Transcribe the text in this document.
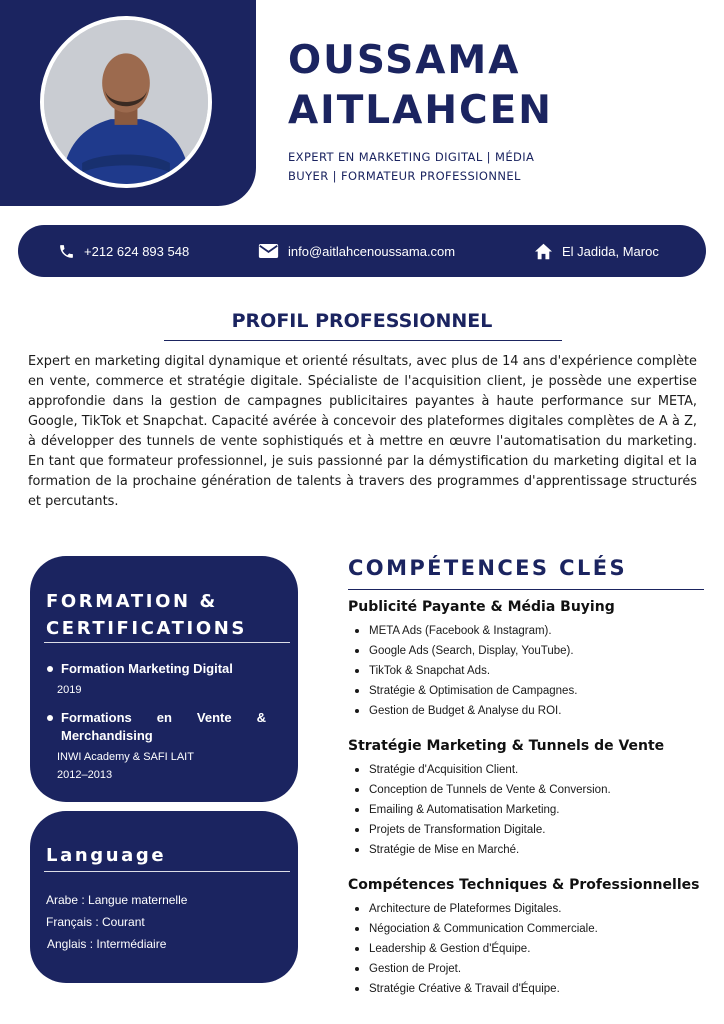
OUSSAMA
AITLAHCEN
EXPERT EN MARKETING DIGITAL | MÉDIA
BUYER | FORMATEUR PROFESSIONNEL
+212 624 893 548	info@aitlahcenoussama.com	El Jadida, Maroc
PROFIL PROFESSIONNEL
Expert en marketing digital dynamique et orienté résultats, avec plus de 14 ans d'expérience complète en vente, commerce et stratégie digitale. Spécialiste de l'acquisition client, je possède une expertise approfondie dans la gestion de campagnes publicitaires payantes à haute performance sur META, Google, TikTok et Snapchat. Capacité avérée à concevoir des plateformes digitales complètes de A à Z, à développer des tunnels de vente sophistiqués et à mettre en œuvre l'automatisation du marketing. En tant que formateur professionnel, je suis passionné par la démystification du marketing digital et la formation de la prochaine génération de talents à travers des programmes d'apprentissage structurés et percutants.
FORMATION &
CERTIFICATIONS
Formation Marketing Digital
2019
Formations en Vente & Merchandising
INWI Academy & SAFI LAIT
2012–2013
Language
Arabe : Langue maternelle
Français : Courant
Anglais : Intermédiaire
COMPÉTENCES CLÉS
Publicité Payante & Média Buying
META Ads (Facebook & Instagram).
Google Ads (Search, Display, YouTube).
TikTok & Snapchat Ads.
Stratégie & Optimisation de Campagnes.
Gestion de Budget & Analyse du ROI.
Stratégie Marketing & Tunnels de Vente
Stratégie d'Acquisition Client.
Conception de Tunnels de Vente & Conversion.
Emailing & Automatisation Marketing.
Projets de Transformation Digitale.
Stratégie de Mise en Marché.
Compétences Techniques & Professionnelles
Architecture de Plateformes Digitales.
Négociation & Communication Commerciale.
Leadership & Gestion d'Équipe.
Gestion de Projet.
Stratégie Créative & Travail d'Équipe.
